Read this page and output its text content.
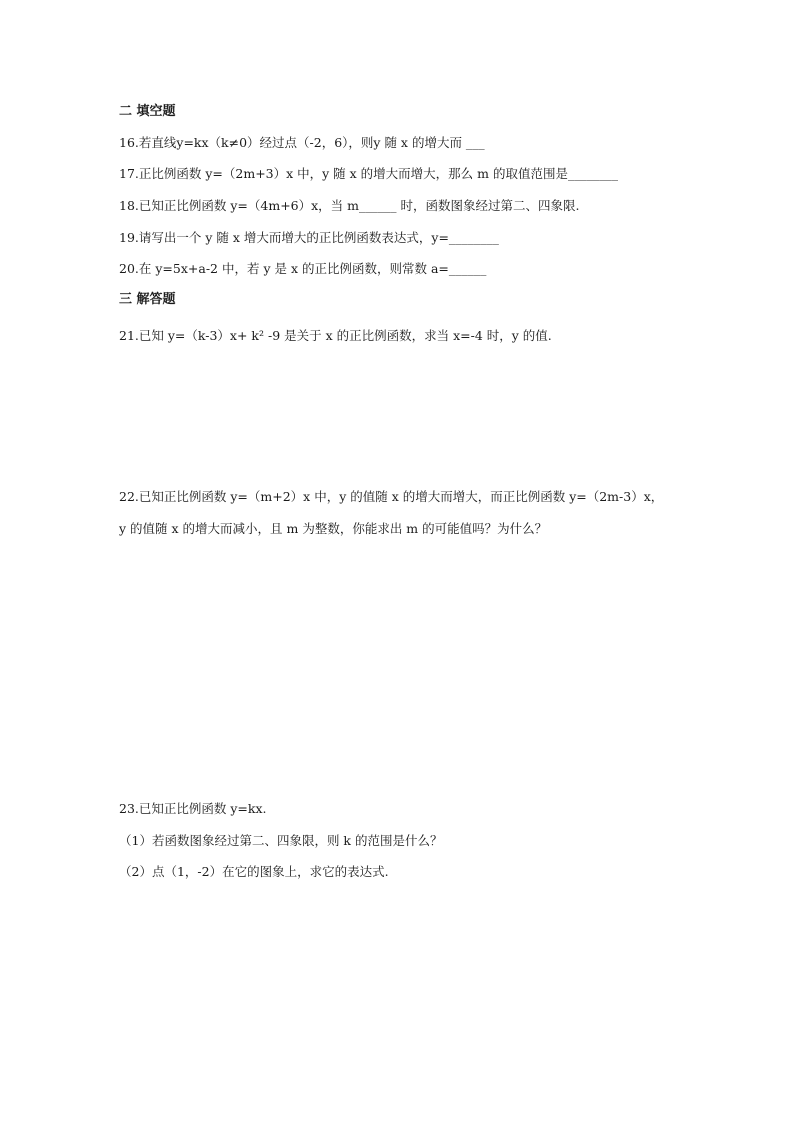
二 填空题
16.若直线y=kx（k≠0）经过点（-2，6），则y 随 x 的增大而 ___
17.正比例函数 y=（2m+3）x 中，y 随 x 的增大而增大，那么 m 的取值范围是________
18.已知正比例函数 y=（4m+6）x，当 m______ 时，函数图象经过第二、四象限.
19.请写出一个 y 随 x 增大而增大的正比例函数表达式，y=________
20.在 y=5x+a-2 中，若 y 是 x 的正比例函数，则常数 a=______
三 解答题
21.已知 y=（k-3）x+ k² -9 是关于 x 的正比例函数，求当 x=-4 时，y 的值.
22.已知正比例函数 y=（m+2）x 中，y 的值随 x 的增大而增大，而正比例函数 y=（2m-3）x，
y 的值随 x 的增大而减小，且 m 为整数，你能求出 m 的可能值吗？为什么？
23.已知正比例函数 y=kx.
（1）若函数图象经过第二、四象限，则 k 的范围是什么？
（2）点（1，-2）在它的图象上，求它的表达式.
